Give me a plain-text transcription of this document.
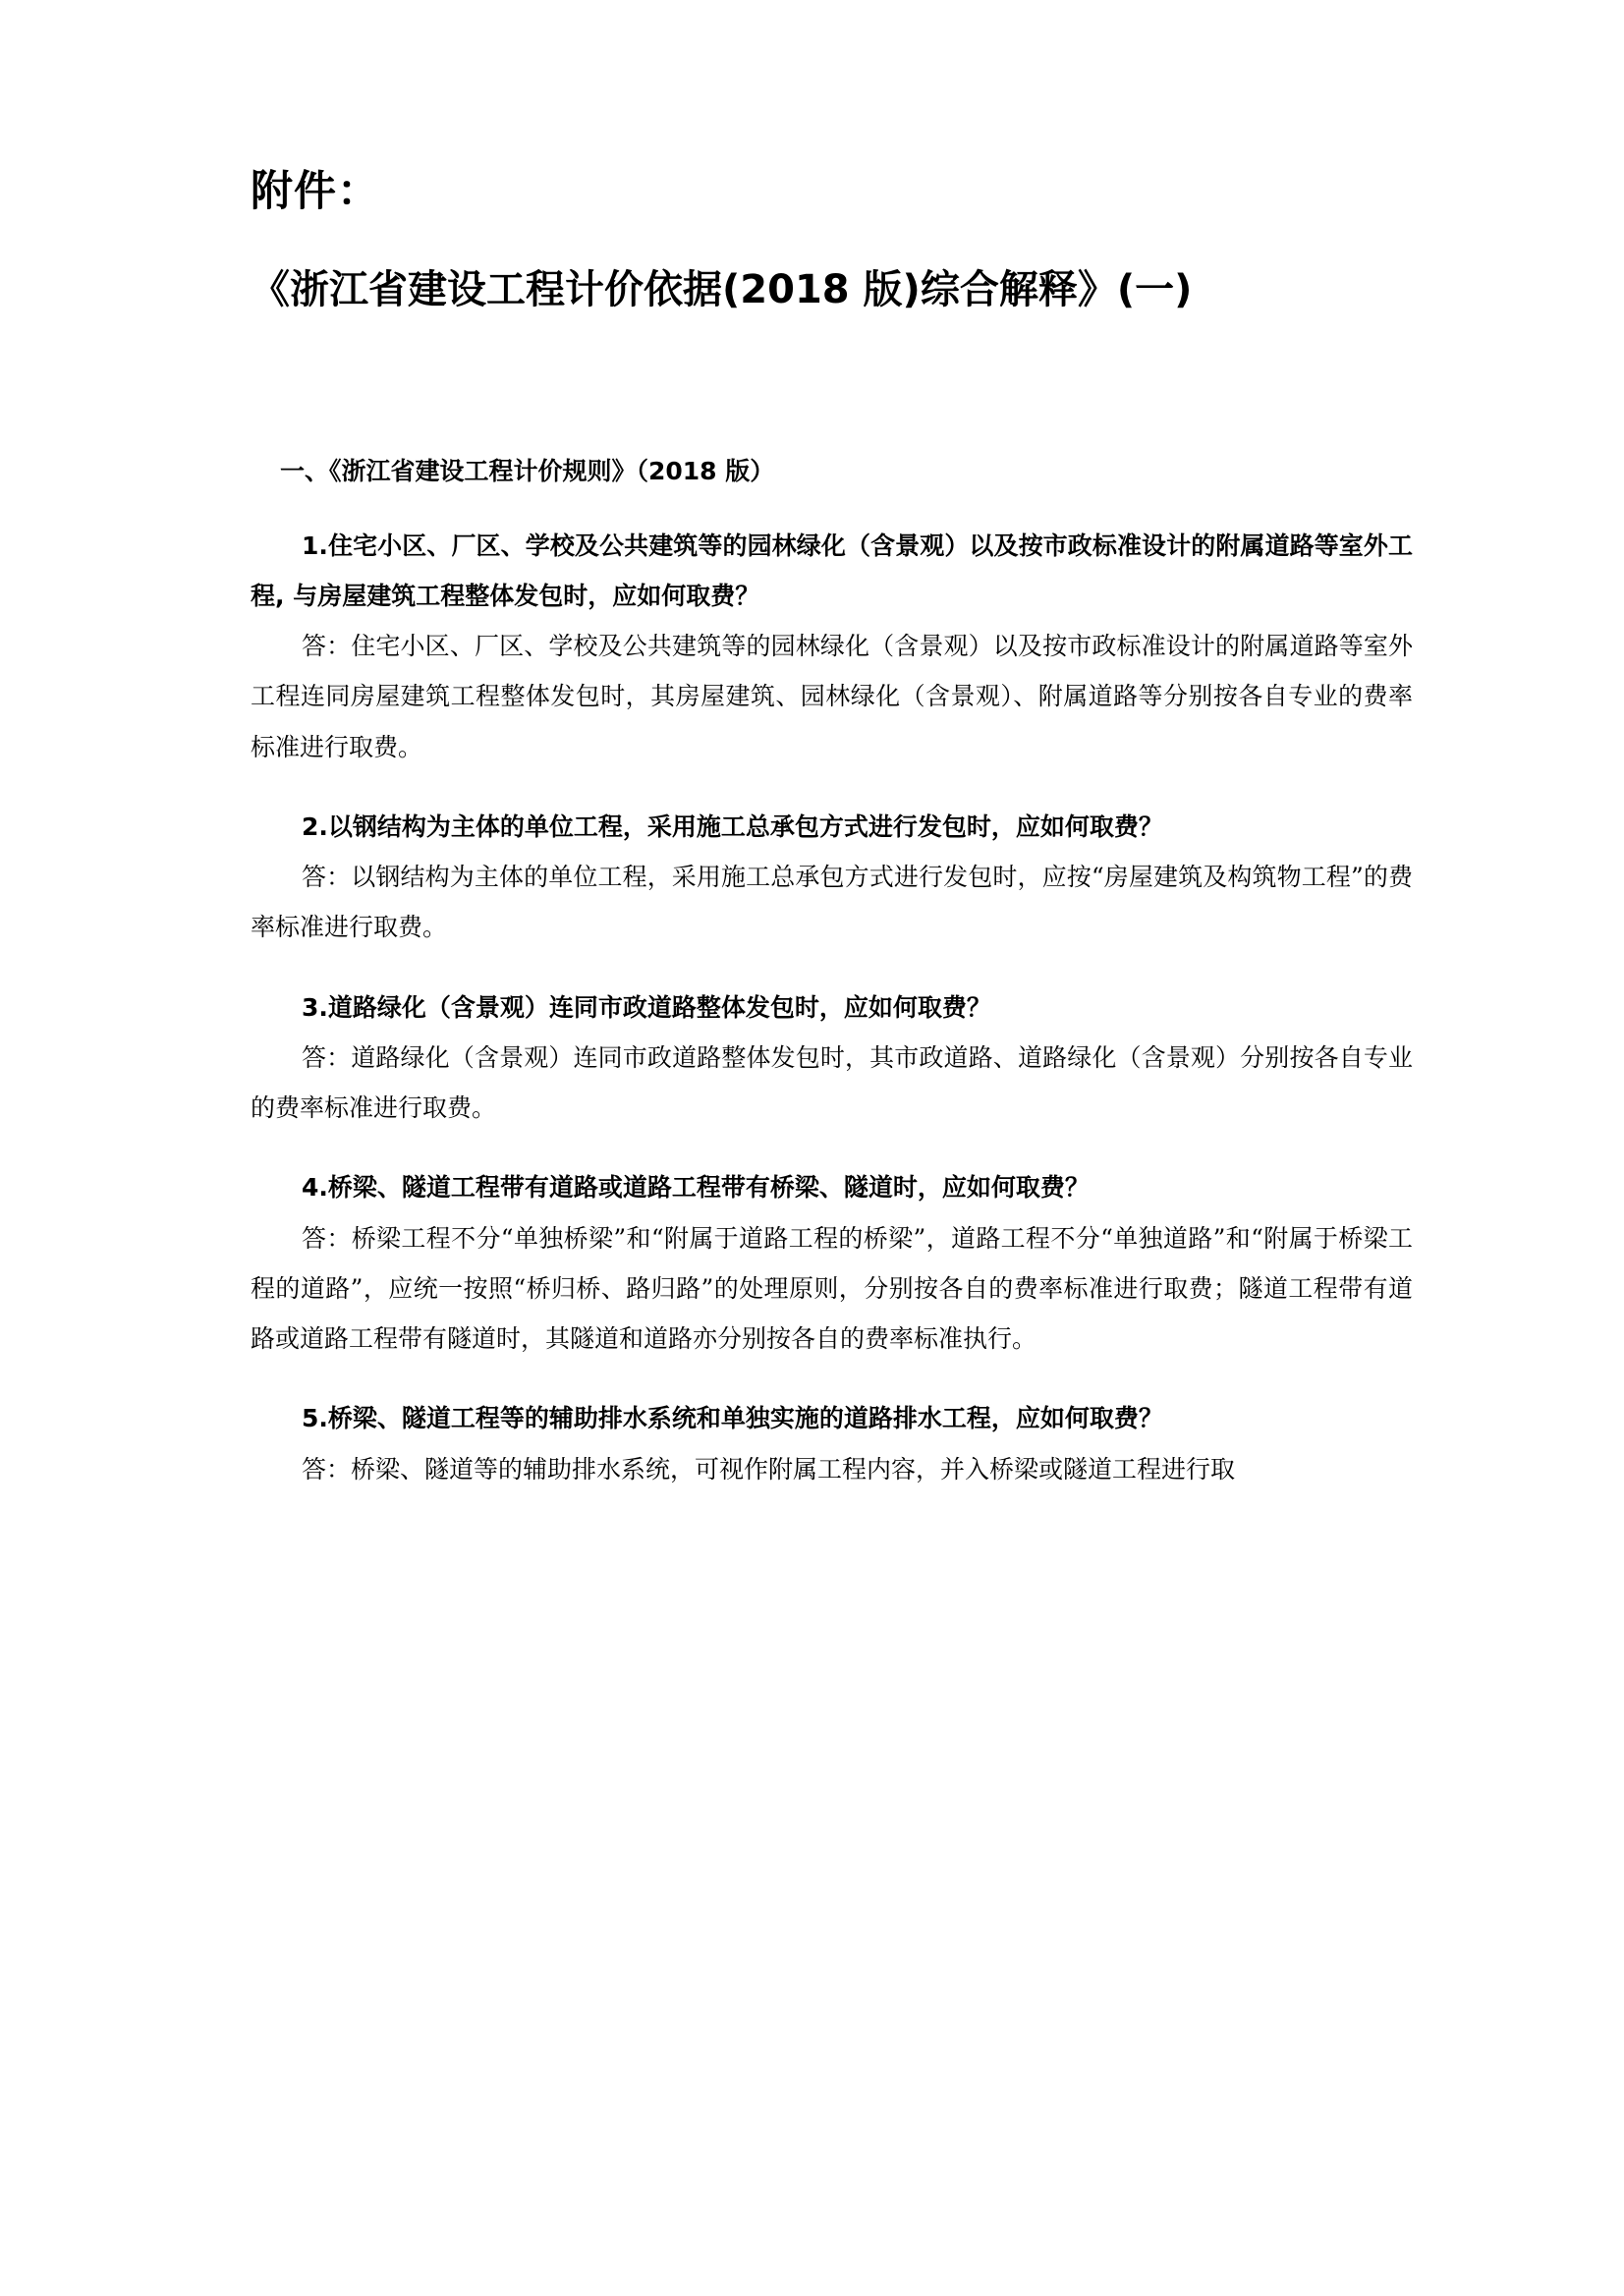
附件：
《浙江省建设工程计价依据(2018 版)综合解释》(一)
一、《浙江省建设工程计价规则》（2018 版）

1.住宅小区、厂区、学校及公共建筑等的园林绿化（含景观）以及按市政标准设计的附属道路等室外工程, 与房屋建筑工程整体发包时，应如何取费？

答：住宅小区、厂区、学校及公共建筑等的园林绿化（含景观）以及按市政标准设计的附属道路等室外工程连同房屋建筑工程整体发包时，其房屋建筑、园林绿化（含景观）、附属道路等分别按各自专业的费率标准进行取费。

2.以钢结构为主体的单位工程，采用施工总承包方式进行发包时，应如何取费？

答：以钢结构为主体的单位工程，采用施工总承包方式进行发包时，应按“房屋建筑及构筑物工程”的费率标准进行取费。

3.道路绿化（含景观）连同市政道路整体发包时，应如何取费？

答：道路绿化（含景观）连同市政道路整体发包时，其市政道路、道路绿化（含景观）分别按各自专业的费率标准进行取费。

4.桥梁、隧道工程带有道路或道路工程带有桥梁、隧道时，应如何取费？

答：桥梁工程不分“单独桥梁”和“附属于道路工程的桥梁”，道路工程不分“单独道路”和“附属于桥梁工程的道路”，应统一按照“桥归桥、路归路”的处理原则，分别按各自的费率标准进行取费；隧道工程带有道路或道路工程带有隧道时，其隧道和道路亦分别按各自的费率标准执行。

5.桥梁、隧道工程等的辅助排水系统和单独实施的道路排水工程，应如何取费？

答：桥梁、隧道等的辅助排水系统，可视作附属工程内容，并入桥梁或隧道工程进行取
